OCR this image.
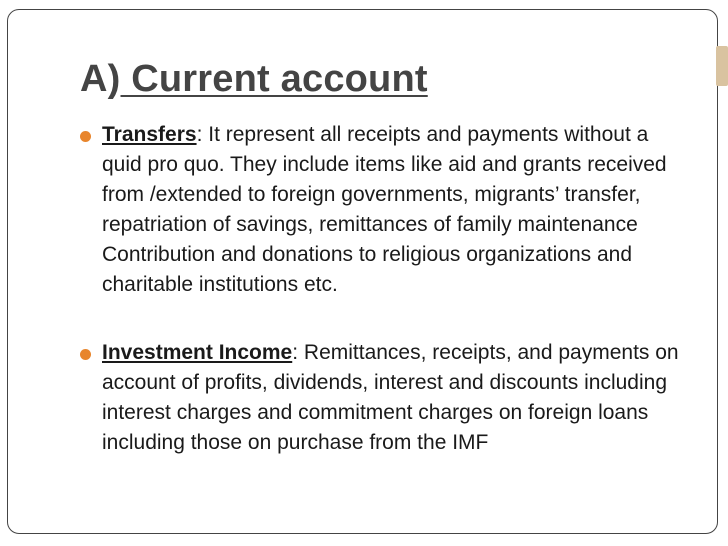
A) Current account
Transfers: It represent all receipts and payments without a quid pro quo. They include items like aid and grants received from /extended to foreign governments, migrants’ transfer, repatriation of savings, remittances of family maintenance Contribution and donations to religious organizations and charitable institutions etc.
Investment Income: Remittances, receipts, and payments on account of profits, dividends, interest and discounts including interest charges and commitment charges on foreign loans including those on purchase from the IMF
